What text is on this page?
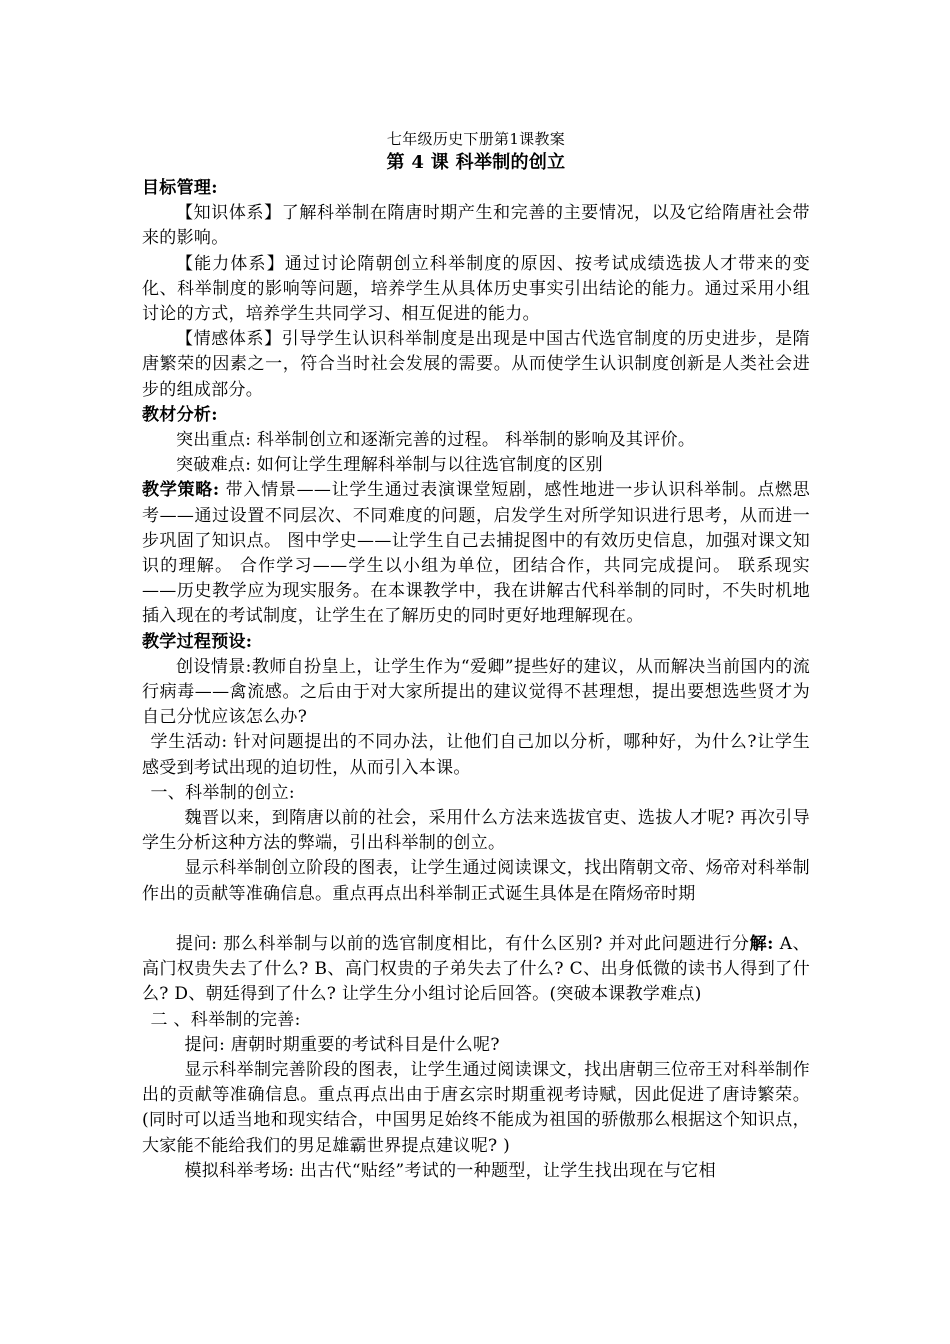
七年级历史下册第1课教案

第 4 课 科举制的创立

目标管理:

【知识体系】了解科举制在隋唐时期产生和完善的主要情况，以及它给隋唐社会带来的影响。

【能力体系】通过讨论隋朝创立科举制度的原因、按考试成绩选拔人才带来的变化、科举制度的影响等问题，培养学生从具体历史事实引出结论的能力。通过采用小组讨论的方式，培养学生共同学习、相互促进的能力。

【情感体系】引导学生认识科举制度是出现是中国古代选官制度的历史进步，是隋唐繁荣的因素之一，符合当时社会发展的需要。从而使学生认识制度创新是人类社会进步的组成部分。

教材分析:

突出重点: 科举制创立和逐渐完善的过程。 科举制的影响及其评价。

突破难点: 如何让学生理解科举制与以往选官制度的区别

教学策略: 带入情景——让学生通过表演课堂短剧，感性地进一步认识科举制。点燃思考——通过设置不同层次、不同难度的问题，启发学生对所学知识进行思考，从而进一步巩固了知识点。 图中学史——让学生自己去捕捉图中的有效历史信息，加强对课文知识的理解。 合作学习——学生以小组为单位，团结合作，共同完成提问。 联系现实——历史教学应为现实服务。在本课教学中，我在讲解古代科举制的同时，不失时机地插入现在的考试制度，让学生在了解历史的同时更好地理解现在。

教学过程预设:

创设情景:教师自扮皇上，让学生作为“爱卿”提些好的建议，从而解决当前国内的流行病毒——禽流感。之后由于对大家所提出的建议觉得不甚理想，提出要想选些贤才为自己分忧应该怎么办?

学生活动: 针对问题提出的不同办法，让他们自己加以分析，哪种好，为什么?让学生感受到考试出现的迫切性，从而引入本课。

一、科举制的创立:

魏晋以来，到隋唐以前的社会，采用什么方法来选拔官吏、选拔人才呢? 再次引导学生分析这种方法的弊端，引出科举制的创立。

显示科举制创立阶段的图表，让学生通过阅读课文，找出隋朝文帝、炀帝对科举制作出的贡献等准确信息。重点再点出科举制正式诞生具体是在隋炀帝时期

提问: 那么科举制与以前的选官制度相比，有什么区别? 并对此问题进行分解: A、高门权贵失去了什么? B、高门权贵的子弟失去了什么? C、出身低微的读书人得到了什么? D、朝廷得到了什么? 让学生分小组讨论后回答。(突破本课教学难点)

二 、科举制的完善:

提问: 唐朝时期重要的考试科目是什么呢?

显示科举制完善阶段的图表，让学生通过阅读课文，找出唐朝三位帝王对科举制作出的贡献等准确信息。重点再点出由于唐玄宗时期重视考诗赋，因此促进了唐诗繁荣。(同时可以适当地和现实结合，中国男足始终不能成为祖国的骄傲那么根据这个知识点，大家能不能给我们的男足雄霸世界提点建议呢? )

模拟科举考场: 出古代“贴经”考试的一种题型，让学生找出现在与它相
